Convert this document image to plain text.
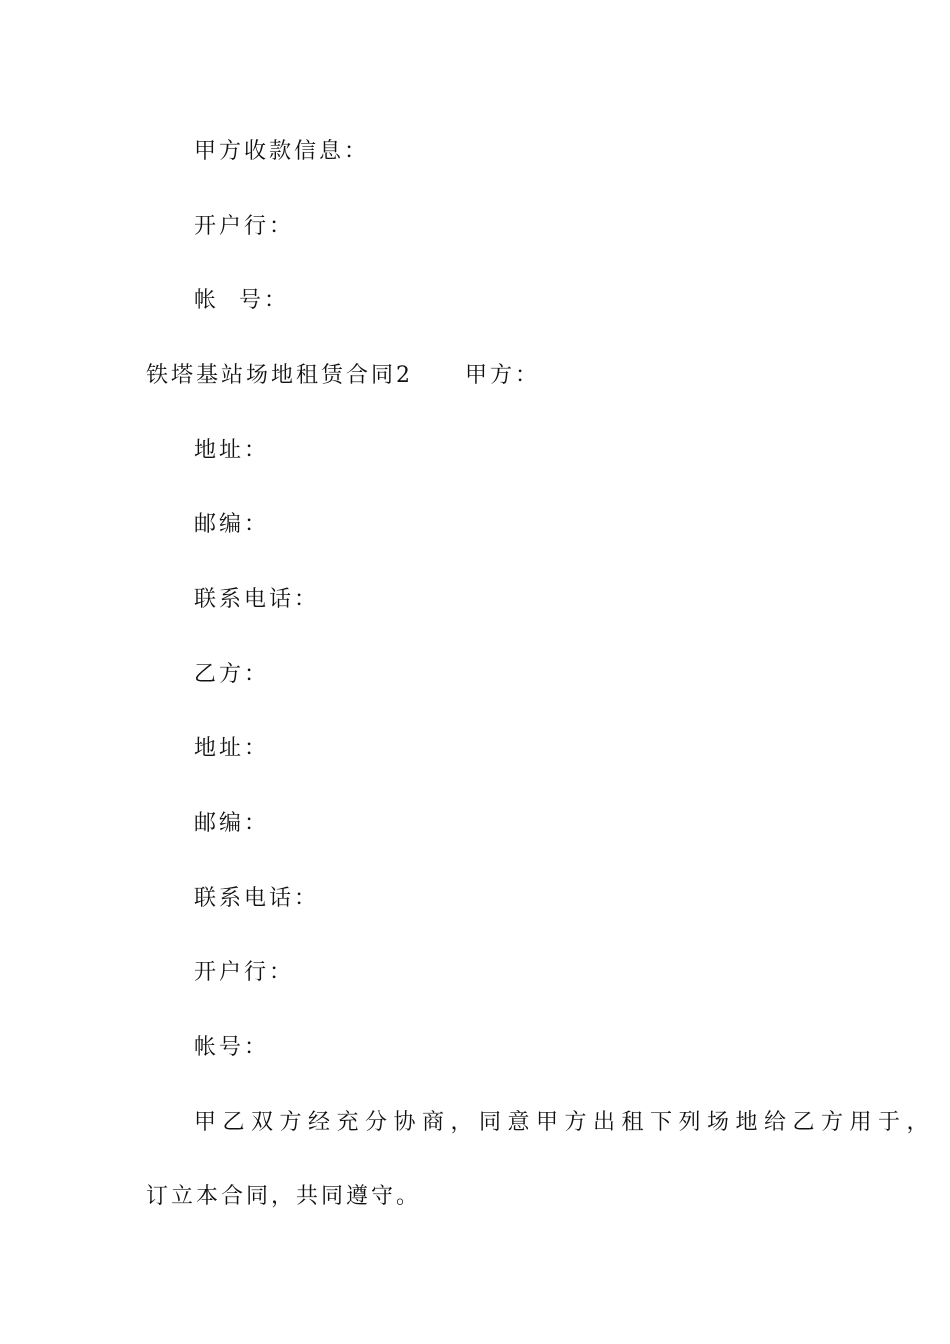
甲方收款信息：
开户行：
帐  号：
铁塔基站场地租赁合同2 甲方：
地址：
邮编：
联系电话：
乙方：
地址：
邮编：
联系电话：
开户行：
帐号：
甲乙双方经充分协商，同意甲方出租下列场地给乙方用于，
订立本合同，共同遵守。
